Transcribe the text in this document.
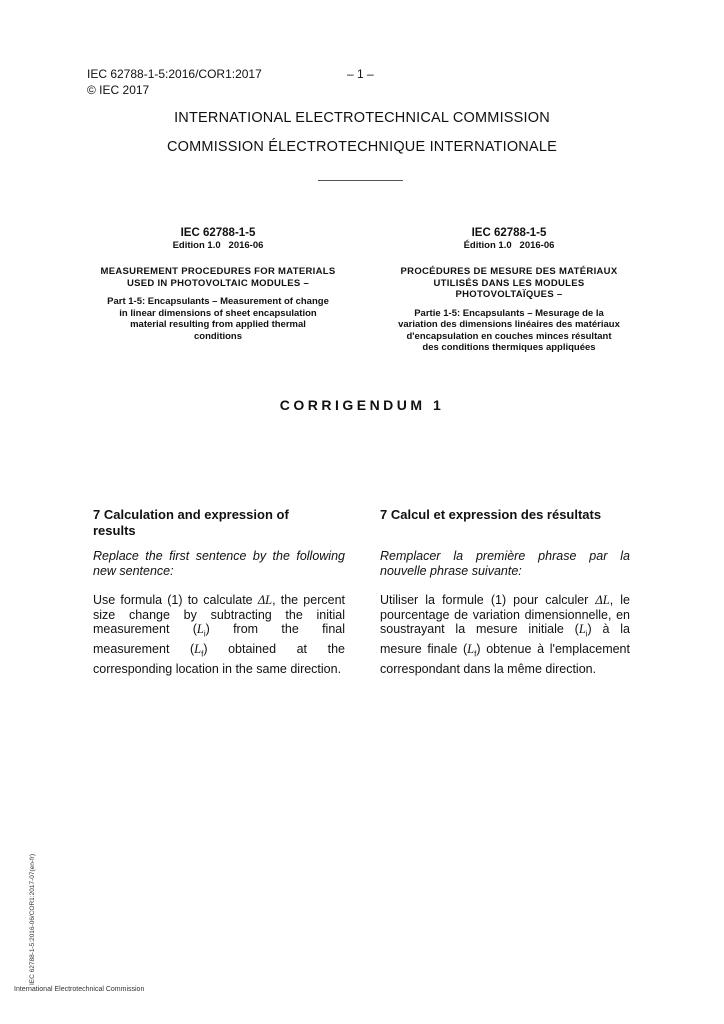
IEC 62788-1-5:2016/COR1:2017	– 1 –
© IEC 2017
INTERNATIONAL ELECTROTECHNICAL COMMISSION
COMMISSION ÉLECTROTECHNIQUE INTERNATIONALE
IEC 62788-1-5
Edition 1.0   2016-06
MEASUREMENT PROCEDURES FOR MATERIALS
USED IN PHOTOVOLTAIC MODULES –
Part 1-5: Encapsulants – Measurement of change
in linear dimensions of sheet encapsulation
material resulting from applied thermal
conditions
IEC 62788-1-5
Édition 1.0   2016-06
PROCÉDURES DE MESURE DES MATÉRIAUX
UTILISÉS DANS LES MODULES
PHOTOVOLTAÏQUES –
Partie 1-5: Encapsulants – Mesurage de la
variation des dimensions linéaires des matériaux
d'encapsulation en couches minces résultant
des conditions thermiques appliquées
CORRIGENDUM 1
7 Calculation and expression of
results
Replace the first sentence by the following new sentence:
Use formula (1) to calculate ΔL, the percent size change by subtracting the initial measurement $(L_i)$ from the final measurement $(L_f)$ obtained at the corresponding location in the same direction.
7 Calcul et expression des résultats
Remplacer la première phrase par la nouvelle phrase suivante:
Utiliser la formule (1) pour calculer ΔL, le pourcentage de variation dimensionnelle, en soustrayant la mesure initiale $(L_i)$ à la mesure finale $(L_f)$ obtenue à l'emplacement correspondant dans la même direction.
IEC 62788-1-5:2016-06/COR1:2017-07(en-fr)
International Electrotechnical Commission
